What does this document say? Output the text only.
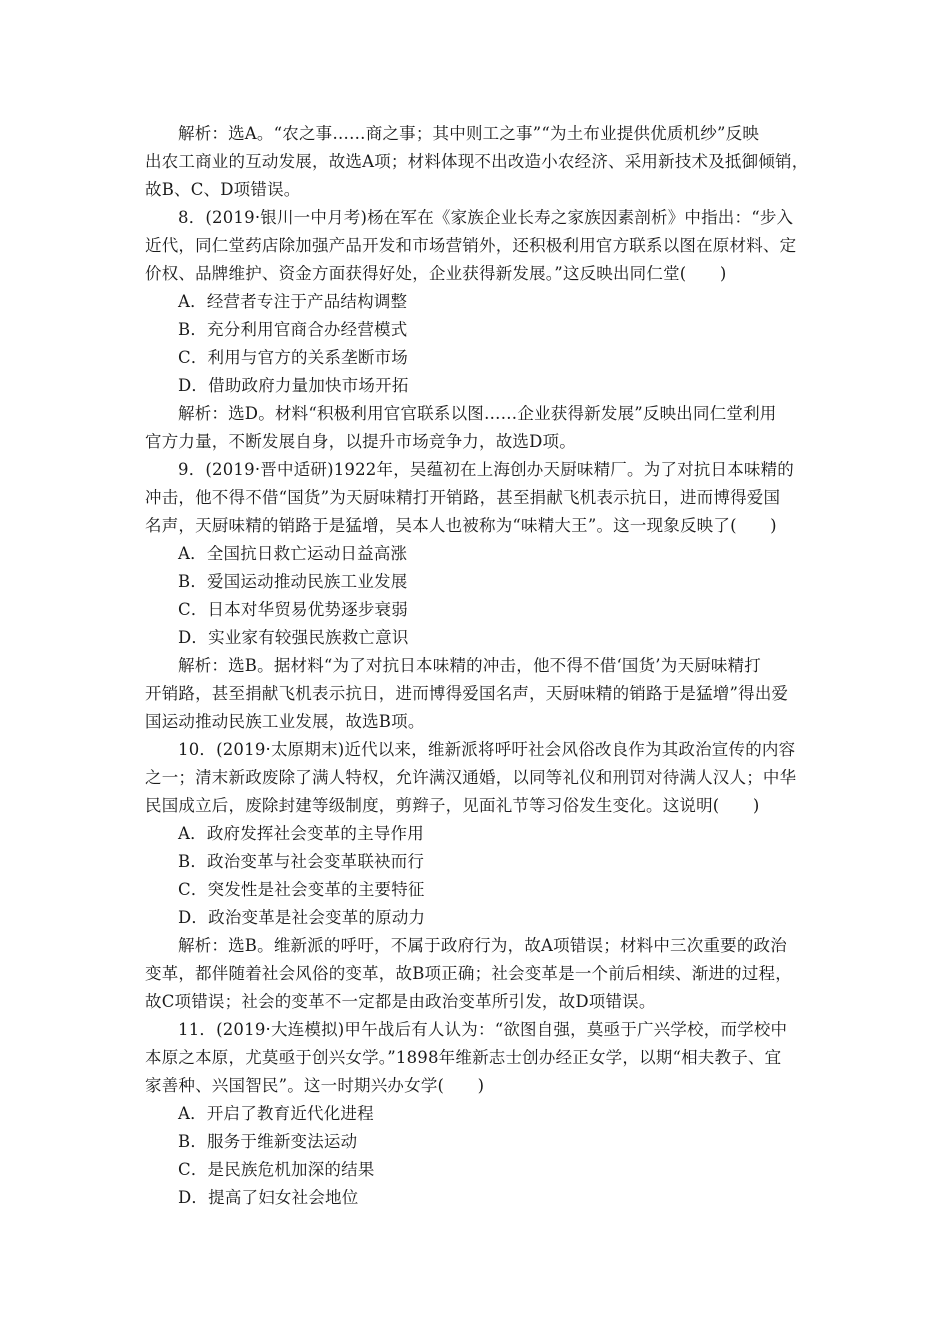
解析：选A。“农之事……商之事；其中则工之事”“为土布业提供优质机纱”反映
出农工商业的互动发展，故选A项；材料体现不出改造小农经济、采用新技术及抵御倾销，
故B、C、D项错误。
8．(2019·银川一中月考)杨在军在《家族企业长寿之家族因素剖析》中指出：“步入
近代，同仁堂药店除加强产品开发和市场营销外，还积极利用官方联系以图在原材料、定
价权、品牌维护、资金方面获得好处，企业获得新发展。”这反映出同仁堂(　　)
A．经营者专注于产品结构调整
B．充分利用官商合办经营模式
C．利用与官方的关系垄断市场
D．借助政府力量加快市场开拓
解析：选D。材料“积极利用官官联系以图……企业获得新发展”反映出同仁堂利用
官方力量，不断发展自身，以提升市场竞争力，故选D项。
9．(2019·晋中适研)1922年，吴蕴初在上海创办天厨味精厂。为了对抗日本味精的
冲击，他不得不借“国货”为天厨味精打开销路，甚至捐献飞机表示抗日，进而博得爱国
名声，天厨味精的销路于是猛增，吴本人也被称为“味精大王”。这一现象反映了(　　)
A．全国抗日救亡运动日益高涨
B．爱国运动推动民族工业发展
C．日本对华贸易优势逐步衰弱
D．实业家有较强民族救亡意识
解析：选B。据材料“为了对抗日本味精的冲击，他不得不借‘国货’为天厨味精打
开销路，甚至捐献飞机表示抗日，进而博得爱国名声，天厨味精的销路于是猛增”得出爱
国运动推动民族工业发展，故选B项。
10．(2019·太原期末)近代以来，维新派将呼吁社会风俗改良作为其政治宣传的内容
之一；清末新政废除了满人特权，允许满汉通婚，以同等礼仪和刑罚对待满人汉人；中华
民国成立后，废除封建等级制度，剪辫子，见面礼节等习俗发生变化。这说明(　　)
A．政府发挥社会变革的主导作用
B．政治变革与社会变革联袂而行
C．突发性是社会变革的主要特征
D．政治变革是社会变革的原动力
解析：选B。维新派的呼吁，不属于政府行为，故A项错误；材料中三次重要的政治
变革，都伴随着社会风俗的变革，故B项正确；社会变革是一个前后相续、渐进的过程，
故C项错误；社会的变革不一定都是由政治变革所引发，故D项错误。
11．(2019·大连模拟)甲午战后有人认为：“欲图自强，莫亟于广兴学校，而学校中
本原之本原，尤莫亟于创兴女学。”1898年维新志士创办经正女学，以期“相夫教子、宜
家善种、兴国智民”。这一时期兴办女学(　　)
A．开启了教育近代化进程
B．服务于维新变法运动
C．是民族危机加深的结果
D．提高了妇女社会地位
